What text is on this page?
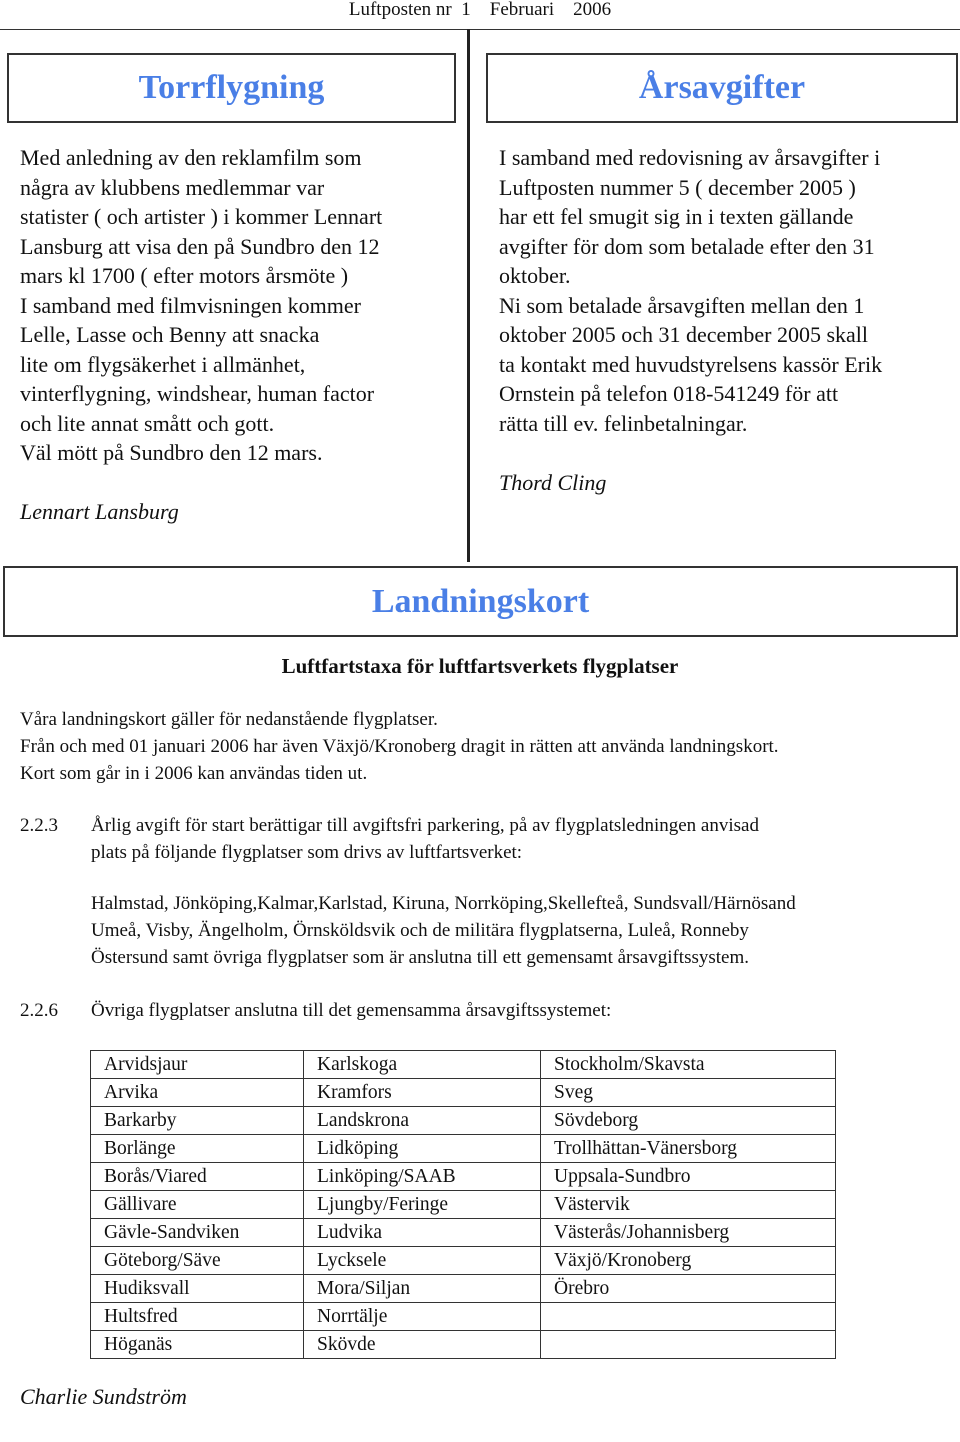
Luftposten nr  1    Februari    2006
Torrflygning

Med anledning av den reklamfilm som

några av klubbens medlemmar var

statister ( och artister ) i kommer Lennart

Lansburg att visa den på Sundbro den 12

mars kl 1700 ( efter motors årsmöte )

I samband med filmvisningen kommer

Lelle, Lasse och Benny att snacka

lite om flygsäkerhet i allmänhet,

vinterflygning, windshear, human factor

och lite annat smått och gott.

Väl mött på Sundbro den 12 mars.

Lennart Lansburg

Årsavgifter

I samband med redovisning av årsavgifter i

Luftposten nummer 5 ( december 2005 )

har ett fel smugit sig in i texten gällande

avgifter för dom som betalade efter den 31

oktober.

Ni som betalade årsavgiften mellan den 1

oktober 2005 och 31 december 2005 skall

ta kontakt med huvudstyrelsens kassör Erik

Ornstein på telefon 018-541249 för att

rätta till ev. felinbetalningar.

Thord Cling

Landningskort
Luftfartstaxa för luftfartsverkets flygplatser

Våra landningskort gäller för nedanstående flygplatser.

Från och med 01 januari 2006 har även Växjö/Kronoberg dragit in rätten att använda landningskort.

Kort som går in i 2006 kan användas tiden ut.

2.2.3 Årlig avgift för start berättigar till avgiftsfri parkering, på av flygplatsledningen anvisad

plats på följande flygplatser som drivs av luftfartsverket:

Halmstad, Jönköping,Kalmar,Karlstad, Kiruna, Norrköping,Skellefteå, Sundsvall/Härnösand

Umeå, Visby, Ängelholm, Örnsköldsvik och de militära flygplatserna, Luleå, Ronneby

Östersund samt övriga flygplatser som är anslutna till ett gemensamt årsavgiftssystem.

2.2.6 Övriga flygplatser anslutna till det gemensamma årsavgiftssystemet:

Arvidsjaur	Karlskoga	Stockholm/Skavsta
Arvika	Kramfors	Sveg
Barkarby	Landskrona	Sövdeborg
Borlänge	Lidköping	Trollhättan-Vänersborg
Borås/Viared	Linköping/SAAB	Uppsala-Sundbro
Gällivare	Ljungby/Feringe	Västervik
Gävle-Sandviken	Ludvika	Västerås/Johannisberg
Göteborg/Säve	Lycksele	Växjö/Kronoberg
Hudiksvall	Mora/Siljan	Örebro
Hultsfred	Norrtälje	
Höganäs	Skövde	
Charlie Sundström
